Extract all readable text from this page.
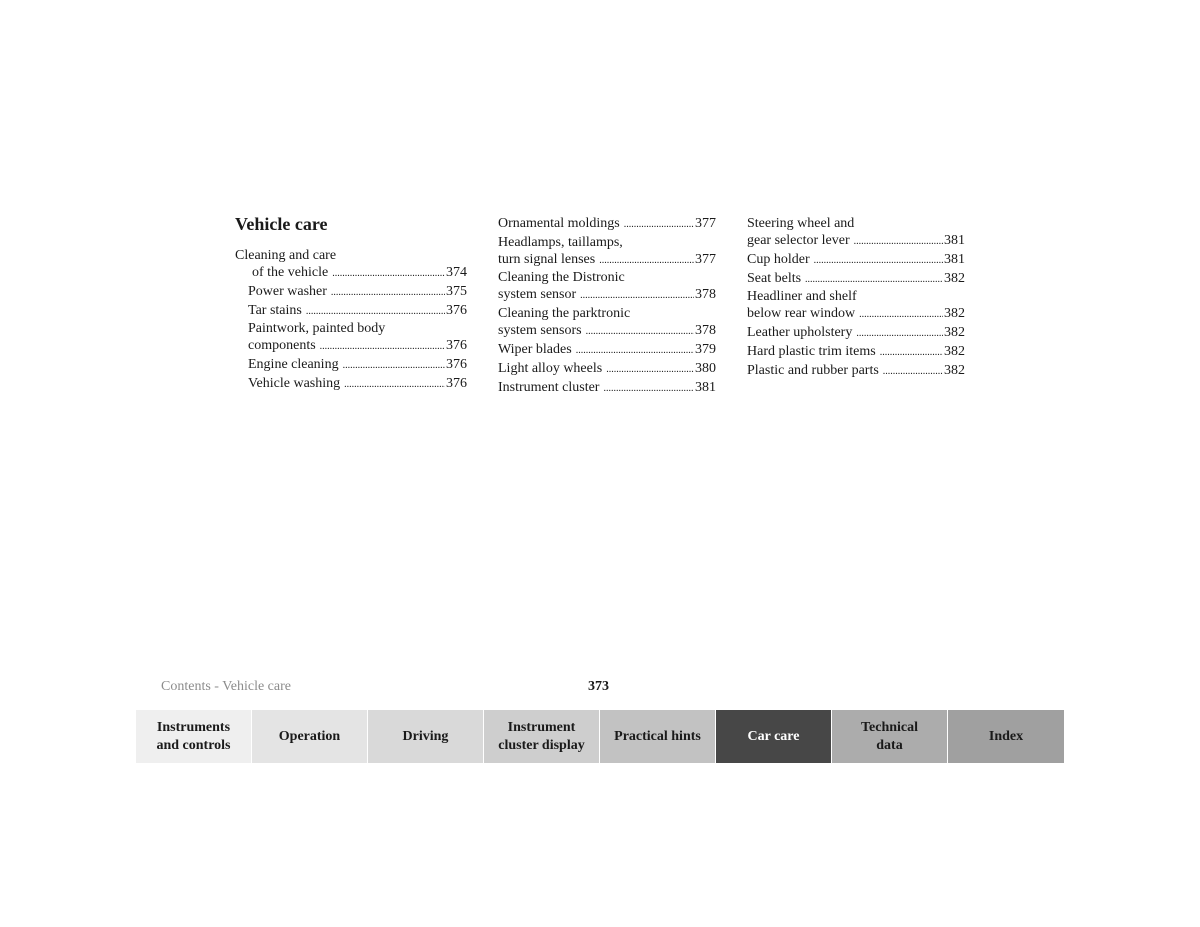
Vehicle care
Cleaning and care
of the vehicle .....	374
Power washer .....	375
Tar stains .....	376
Paintwork, painted body
components .....	376
Engine cleaning .....	376
Vehicle washing .....	376
Ornamental moldings .....	377
Headlamps, taillamps,
turn signal lenses .....	377
Cleaning the Distronic
system sensor .....	378
Cleaning the parktronic
system sensors .....	378
Wiper blades .....	379
Light alloy wheels .....	380
Instrument cluster .....	381
Steering wheel and
gear selector lever .....	381
Cup holder .....	381
Seat belts .....	382
Headliner and shelf
below rear window .....	382
Leather upholstery .....	382
Hard plastic trim items .....	382
Plastic and rubber parts .....	382
Contents - Vehicle care	373
Instruments
and controls
Operation	Driving
Instrument
cluster display
Practical hints	Car care
Technical
data
Index
